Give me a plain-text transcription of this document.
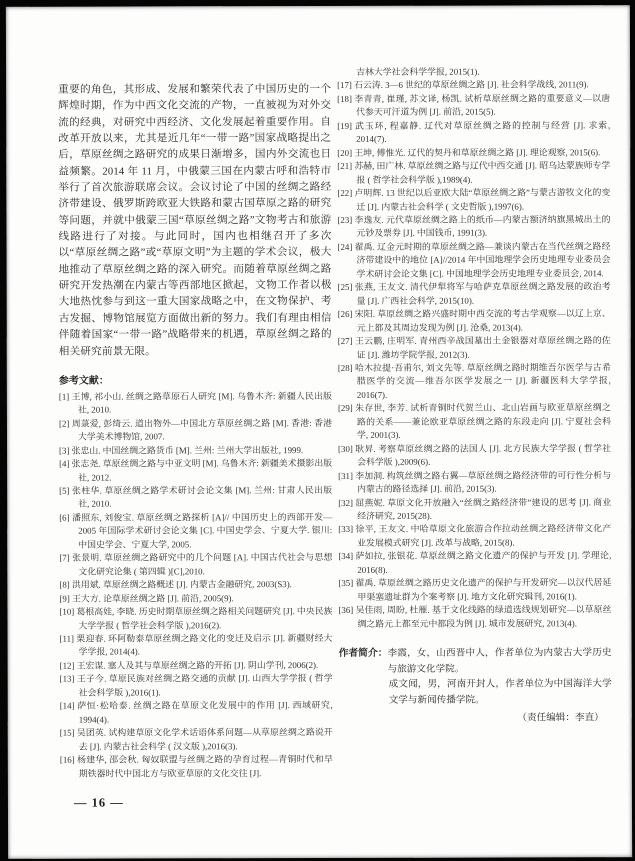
重要的角色，其形成、发展和繁荣代表了中国历史的一个辉煌时期，作为中西文化交流的产物，一直被视为对外交流的经典，对研究中西经济、文化发展起着重要作用。自改革开放以来，尤其是近几年“一带一路”国家战略提出之后，草原丝绸之路研究的成果日渐增多，国内外交流也日益频繁。2014 年 11 月，中俄蒙三国在内蒙古呼和浩特市举行了首次旅游联席会议。会议讨论了中国的丝绸之路经济带建设、俄罗斯跨欧亚大铁路和蒙古国草原之路的研究等问题，并就中俄蒙三国“草原丝绸之路”文物考古和旅游线路进行了对接。与此同时，国内也相继召开了多次以“草原丝绸之路”或“草原文明”为主题的学术会议，极大地推动了草原丝绸之路的深入研究。而随着草原丝绸之路研究开发热潮在内蒙古等西部地区掀起，文物工作者以极大地热忱参与到这一重大国家战略之中，在文物保护、考古发掘、博物馆展览方面做出新的努力。我们有理由相信伴随着国家“一带一路”战略带来的机遇，草原丝绸之路的相关研究前景无限。
参考文献：
[1] 王博, 祁小山. 丝绸之路草原石人研究 [M]. 乌鲁木齐: 新疆人民出版社, 2010.
[2] 周菉爱, 彭绮云. 道出物外—中国北方草原丝绸之路 [M]. 香港: 香港大学美术博物馆, 2007.
[3] 张忠山. 中国丝绸之路货币 [M]. 兰州: 兰州大学出版社, 1999.
[4] 张志尧. 草原丝绸之路与中亚文明 [M]. 乌鲁木齐: 新疆美术摄影出版社, 2012.
[5] 张柱华. 草原丝绸之路学术研讨会论文集 [M]. 兰州: 甘肃人民出版社, 2010.
[6] 潘照东, 刘俊宝. 草原丝绸之路探析 [A]// 中国历史上的西部开发—2005 年国际学术研讨会论文集 [C]. 中国史学会、宁夏大学. 银川: 中国史学会、宁夏大学, 2005.
[7] 张景明. 草原丝绸之路研究中的几个问题 [A]. 中国古代社会与思想文化研究论集 ( 第四辑 )[C],2010.
[8] 洪用斌. 草原丝绸之路概述 [J]. 内蒙古金融研究, 2003(S3).
[9] 王大方. 论草原丝绸之路 [J]. 前沿, 2005(9).
[10] 葛根高娃, 李晓. 历史时期草原丝绸之路相关问题研究 [J]. 中央民族大学学报 ( 哲学社会科学版 ),2016(2).
[11] 栗迎春. 环阿勒泰草原丝绸之路文化的变迁及启示 [J]. 新疆财经大学学报, 2014(4).
[12] 王宏谋. 塞人及其与草原丝绸之路的开拓 [J]. 阴山学刊, 2006(2).
[13] 王子今. 草原民族对丝绸之路交通的贡献 [J]. 山西大学学报 ( 哲学社会科学版 ),2016(1).
[14] 萨恒·松哈泰. 丝绸之路在草原文化发展中的作用 [J]. 西域研究, 1994(4).
[15] 吴团英. 试构建草原文化学术话语体系问题—从草原丝绸之路说开去 [J]. 内蒙古社会科学 ( 汉文版 ),2016(3).
[16] 杨建华, 邵会秋. 匈奴联盟与丝绸之路的孕育过程—青铜时代和早期铁器时代中国北方与欧亚草原的文化交往 [J].
吉林大学社会科学学报, 2015(1).
[17] 石云涛. 3—6 世纪的草原丝绸之路 [J]. 社会科学战线, 2011(9).
[18] 李青青, 崔瑾, 苏文译, 杨凯. 试析草原丝绸之路的重要意义—以唐代参天可汗道为例 [J]. 前沿, 2015(5).
[19] 武玉环, 程嘉静. 辽代对草原丝绸之路的控制与经营 [J]. 求索, 2014(7).
[20] 王坤, 傅惟光. 辽代的契丹和草原丝绸之路 [J]. 理论观察, 2015(6).
[21] 苏赫, 田广林. 草原丝绸之路与辽代中西交通 [J]. 昭乌达蒙族师专学报 ( 哲学社会科学版 ),1989(4).
[22] 卢明辉. 13 世纪以后亚欧大陆“草原丝绸之路”与蒙古游牧文化的变迁 [J]. 内蒙古社会科学 ( 文史哲版 ),1997(6).
[23] 李逸友. 元代草原丝绸之路上的纸币—内蒙古额济纳旗黑城出土的元钞及票券 [J]. 中国钱币, 1991(3).
[24] 翟禹. 辽金元时期的草原丝绸之路—兼谈内蒙古在当代丝绸之路经济带建设中的地位 [A]//2014 年中国地理学会历史地理专业委员会学术研讨会论文集 [C]. 中国地理学会历史地理专业委员会, 2014.
[25] 张燕, 王友文. 清代伊犁将军与哈萨克草原丝绸之路发展的政治考量 [J]. 广西社会科学, 2015(10).
[26] 宋阳. 草原丝绸之路兴盛时期中西交流的考古学观察—以辽上京、元上都及其周边发现为例 [J]. 沧桑, 2013(4).
[27] 王云鹏, 庄明军. 青州西辛战国墓出土金银器对草原丝绸之路的佐证 [J]. 潍坊学院学报, 2012(3).
[28] 哈木拉提·吾甫尔, 刘文先等. 草原丝绸之路时期维吾尔医学与古希腊医学的交流—维吾尔医学发展之一 [J]. 新疆医科大学学报, 2016(7).
[29] 朱存世, 李芳. 试析青铜时代贺兰山、北山岩画与欧亚草原丝绸之路的关系——兼论欧亚草原丝绸之路的东段走向 [J]. 宁夏社会科学, 2001(3).
[30] 耿昇. 考察草原丝绸之路的法国人 [J]. 北方民族大学学报 ( 哲学社会科学版 ),2009(6).
[31] 李加洞. 构筑丝绸之路右翼—草原丝绸之路经济带的可行性分析与内蒙古的路径选择 [J]. 前沿, 2015(3).
[32] 屈燕妮. 草原文化开放融入“丝绸之路经济带”建设的思考 [J]. 商业经济研究, 2015(28).
[33] 徐平, 王友文. 中哈草原文化旅游合作拉动丝绸之路经济带文化产业发展模式研究 [J]. 改革与战略, 2015(8).
[34] 萨如拉, 张银花. 草原丝绸之路文化遗产的保护与开发 [J]. 学理论, 2016(8).
[35] 翟禹. 草原丝绸之路历史文化遗产的保护与开发研究—以汉代居延甲渠塞遗址群为个案考察 [J]. 地方文化研究辑刊, 2016(1).
[36] 吴佳雨, 周盼, 杜雁. 基于文化线路的绿道选线规划研究—以草原丝绸之路元上都至元中都段为例 [J]. 城市发展研究, 2013(4).
作者简介： 李霞，女，山西晋中人，作者单位为内蒙古大学历史与旅游文化学院。
成文闻，男，河南开封人，作者单位为中国海洋大学文学与新闻传播学院。
（责任编辑：李直）
— 16 —
